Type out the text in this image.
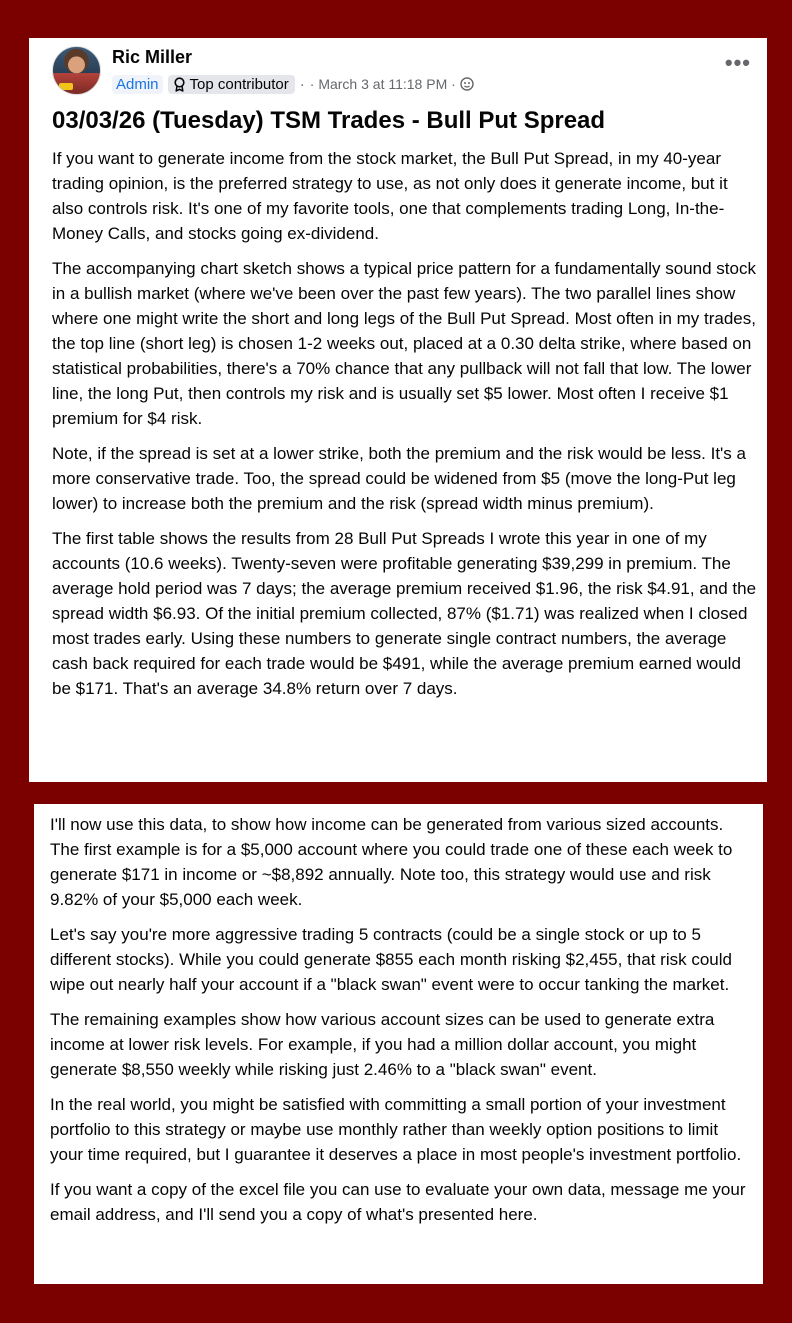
Ric Miller
Admin Top contributor · · March 3 at 11:18 PM ·
•••
03/03/26 (Tuesday) TSM Trades - Bull Put Spread

If you want to generate income from the stock market, the Bull Put Spread, in my 40-year trading opinion, is the preferred strategy to use, as not only does it generate income, but it also controls risk. It's one of my favorite tools, one that complements trading Long, In-the-Money Calls, and stocks going ex-dividend.

The accompanying chart sketch shows a typical price pattern for a fundamentally sound stock in a bullish market (where we've been over the past few years). The two parallel lines show where one might write the short and long legs of the Bull Put Spread. Most often in my trades, the top line (short leg) is chosen 1-2 weeks out, placed at a 0.30 delta strike, where based on statistical probabilities, there's a 70% chance that any pullback will not fall that low. The lower line, the long Put, then controls my risk and is usually set $5 lower. Most often I receive $1 premium for $4 risk.

Note, if the spread is set at a lower strike, both the premium and the risk would be less. It's a more conservative trade. Too, the spread could be widened from $5 (move the long-Put leg lower) to increase both the premium and the risk (spread width minus premium).

The first table shows the results from 28 Bull Put Spreads I wrote this year in one of my accounts (10.6 weeks). Twenty-seven were profitable generating $39,299 in premium. The average hold period was 7 days; the average premium received $1.96, the risk $4.91, and the spread width $6.93. Of the initial premium collected, 87% ($1.71) was realized when I closed most trades early. Using these numbers to generate single contract numbers, the average cash back required for each trade would be $491, while the average premium earned would be $171. That's an average 34.8% return over 7 days.

I'll now use this data, to show how income can be generated from various sized accounts. The first example is for a $5,000 account where you could trade one of these each week to generate $171 in income or ~$8,892 annually. Note too, this strategy would use and risk 9.82% of your $5,000 each week.

Let's say you're more aggressive trading 5 contracts (could be a single stock or up to 5 different stocks). While you could generate $855 each month risking $2,455, that risk could wipe out nearly half your account if a "black swan" event were to occur tanking the market.

The remaining examples show how various account sizes can be used to generate extra income at lower risk levels. For example, if you had a million dollar account, you might generate $8,550 weekly while risking just 2.46% to a "black swan" event.

In the real world, you might be satisfied with committing a small portion of your investment portfolio to this strategy or maybe use monthly rather than weekly option positions to limit your time required, but I guarantee it deserves a place in most people's investment portfolio.

If you want a copy of the excel file you can use to evaluate your own data, message me your email address, and I'll send you a copy of what's presented here.
